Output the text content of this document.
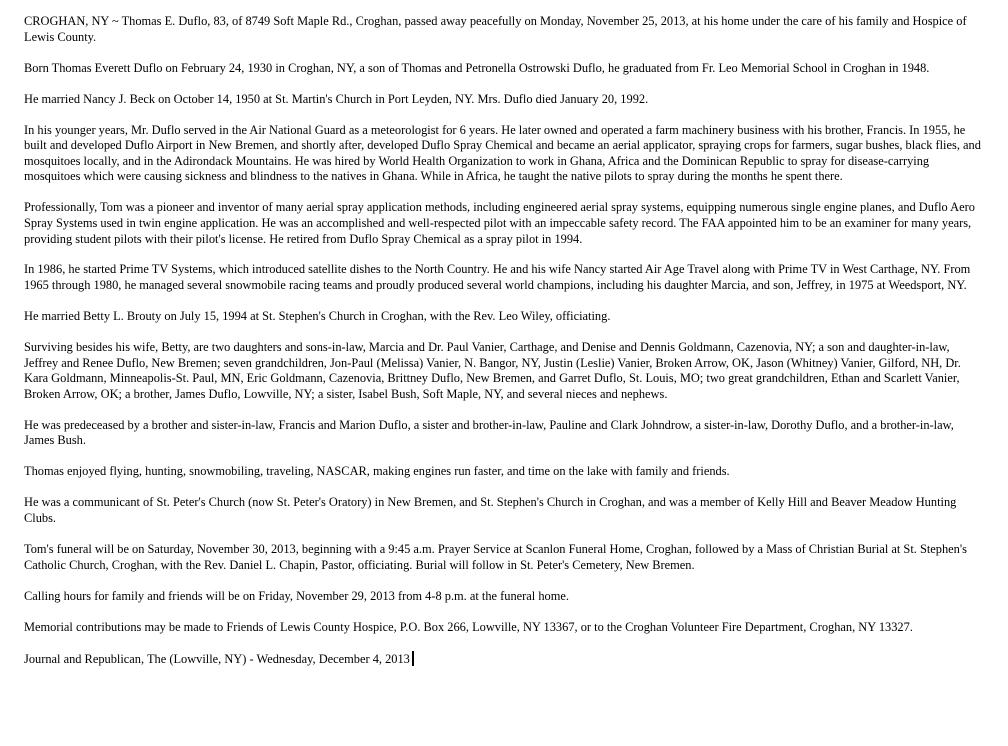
CROGHAN, NY ~ Thomas E. Duflo, 83, of 8749 Soft Maple Rd., Croghan, passed away peacefully on Monday, November 25, 2013, at his home under the care of his family and Hospice of Lewis County.

Born Thomas Everett Duflo on February 24, 1930 in Croghan, NY, a son of Thomas and Petronella Ostrowski Duflo, he graduated from Fr. Leo Memorial School in Croghan in 1948.

He married Nancy J. Beck on October 14, 1950 at St. Martin's Church in Port Leyden, NY. Mrs. Duflo died January 20, 1992.

In his younger years, Mr. Duflo served in the Air National Guard as a meteorologist for 6 years. He later owned and operated a farm machinery business with his brother, Francis. In 1955, he built and developed Duflo Airport in New Bremen, and shortly after, developed Duflo Spray Chemical and became an aerial applicator, spraying crops for farmers, sugar bushes, black flies, and mosquitoes locally, and in the Adirondack Mountains. He was hired by World Health Organization to work in Ghana, Africa and the Dominican Republic to spray for disease-carrying mosquitoes which were causing sickness and blindness to the natives in Ghana. While in Africa, he taught the native pilots to spray during the months he spent there.

Professionally, Tom was a pioneer and inventor of many aerial spray application methods, including engineered aerial spray systems, equipping numerous single engine planes, and Duflo Aero Spray Systems used in twin engine application. He was an accomplished and well-respected pilot with an impeccable safety record. The FAA appointed him to be an examiner for many years, providing student pilots with their pilot's license. He retired from Duflo Spray Chemical as a spray pilot in 1994.

In 1986, he started Prime TV Systems, which introduced satellite dishes to the North Country. He and his wife Nancy started Air Age Travel along with Prime TV in West Carthage, NY. From 1965 through 1980, he managed several snowmobile racing teams and proudly produced several world champions, including his daughter Marcia, and son, Jeffrey, in 1975 at Weedsport, NY.

He married Betty L. Brouty on July 15, 1994 at St. Stephen's Church in Croghan, with the Rev. Leo Wiley, officiating.

Surviving besides his wife, Betty, are two daughters and sons-in-law, Marcia and Dr. Paul Vanier, Carthage, and Denise and Dennis Goldmann, Cazenovia, NY; a son and daughter-in-law, Jeffrey and Renee Duflo, New Bremen; seven grandchildren, Jon-Paul (Melissa) Vanier, N. Bangor, NY, Justin (Leslie) Vanier, Broken Arrow, OK, Jason (Whitney) Vanier, Gilford, NH, Dr. Kara Goldmann, Minneapolis-St. Paul, MN, Eric Goldmann, Cazenovia, Brittney Duflo, New Bremen, and Garret Duflo, St. Louis, MO; two great grandchildren, Ethan and Scarlett Vanier, Broken Arrow, OK; a brother, James Duflo, Lowville, NY; a sister, Isabel Bush, Soft Maple, NY, and several nieces and nephews.

He was predeceased by a brother and sister-in-law, Francis and Marion Duflo, a sister and brother-in-law, Pauline and Clark Johndrow, a sister-in-law, Dorothy Duflo, and a brother-in-law, James Bush.

Thomas enjoyed flying, hunting, snowmobiling, traveling, NASCAR, making engines run faster, and time on the lake with family and friends.

He was a communicant of St. Peter's Church (now St. Peter's Oratory) in New Bremen, and St. Stephen's Church in Croghan, and was a member of Kelly Hill and Beaver Meadow Hunting Clubs.

Tom's funeral will be on Saturday, November 30, 2013, beginning with a 9:45 a.m. Prayer Service at Scanlon Funeral Home, Croghan, followed by a Mass of Christian Burial at St. Stephen's Catholic Church, Croghan, with the Rev. Daniel L. Chapin, Pastor, officiating. Burial will follow in St. Peter's Cemetery, New Bremen.

Calling hours for family and friends will be on Friday, November 29, 2013 from 4-8 p.m. at the funeral home.

Memorial contributions may be made to Friends of Lewis County Hospice, P.O. Box 266, Lowville, NY 13367, or to the Croghan Volunteer Fire Department, Croghan, NY 13327.

Journal and Republican, The (Lowville, NY) - Wednesday, December 4, 2013
